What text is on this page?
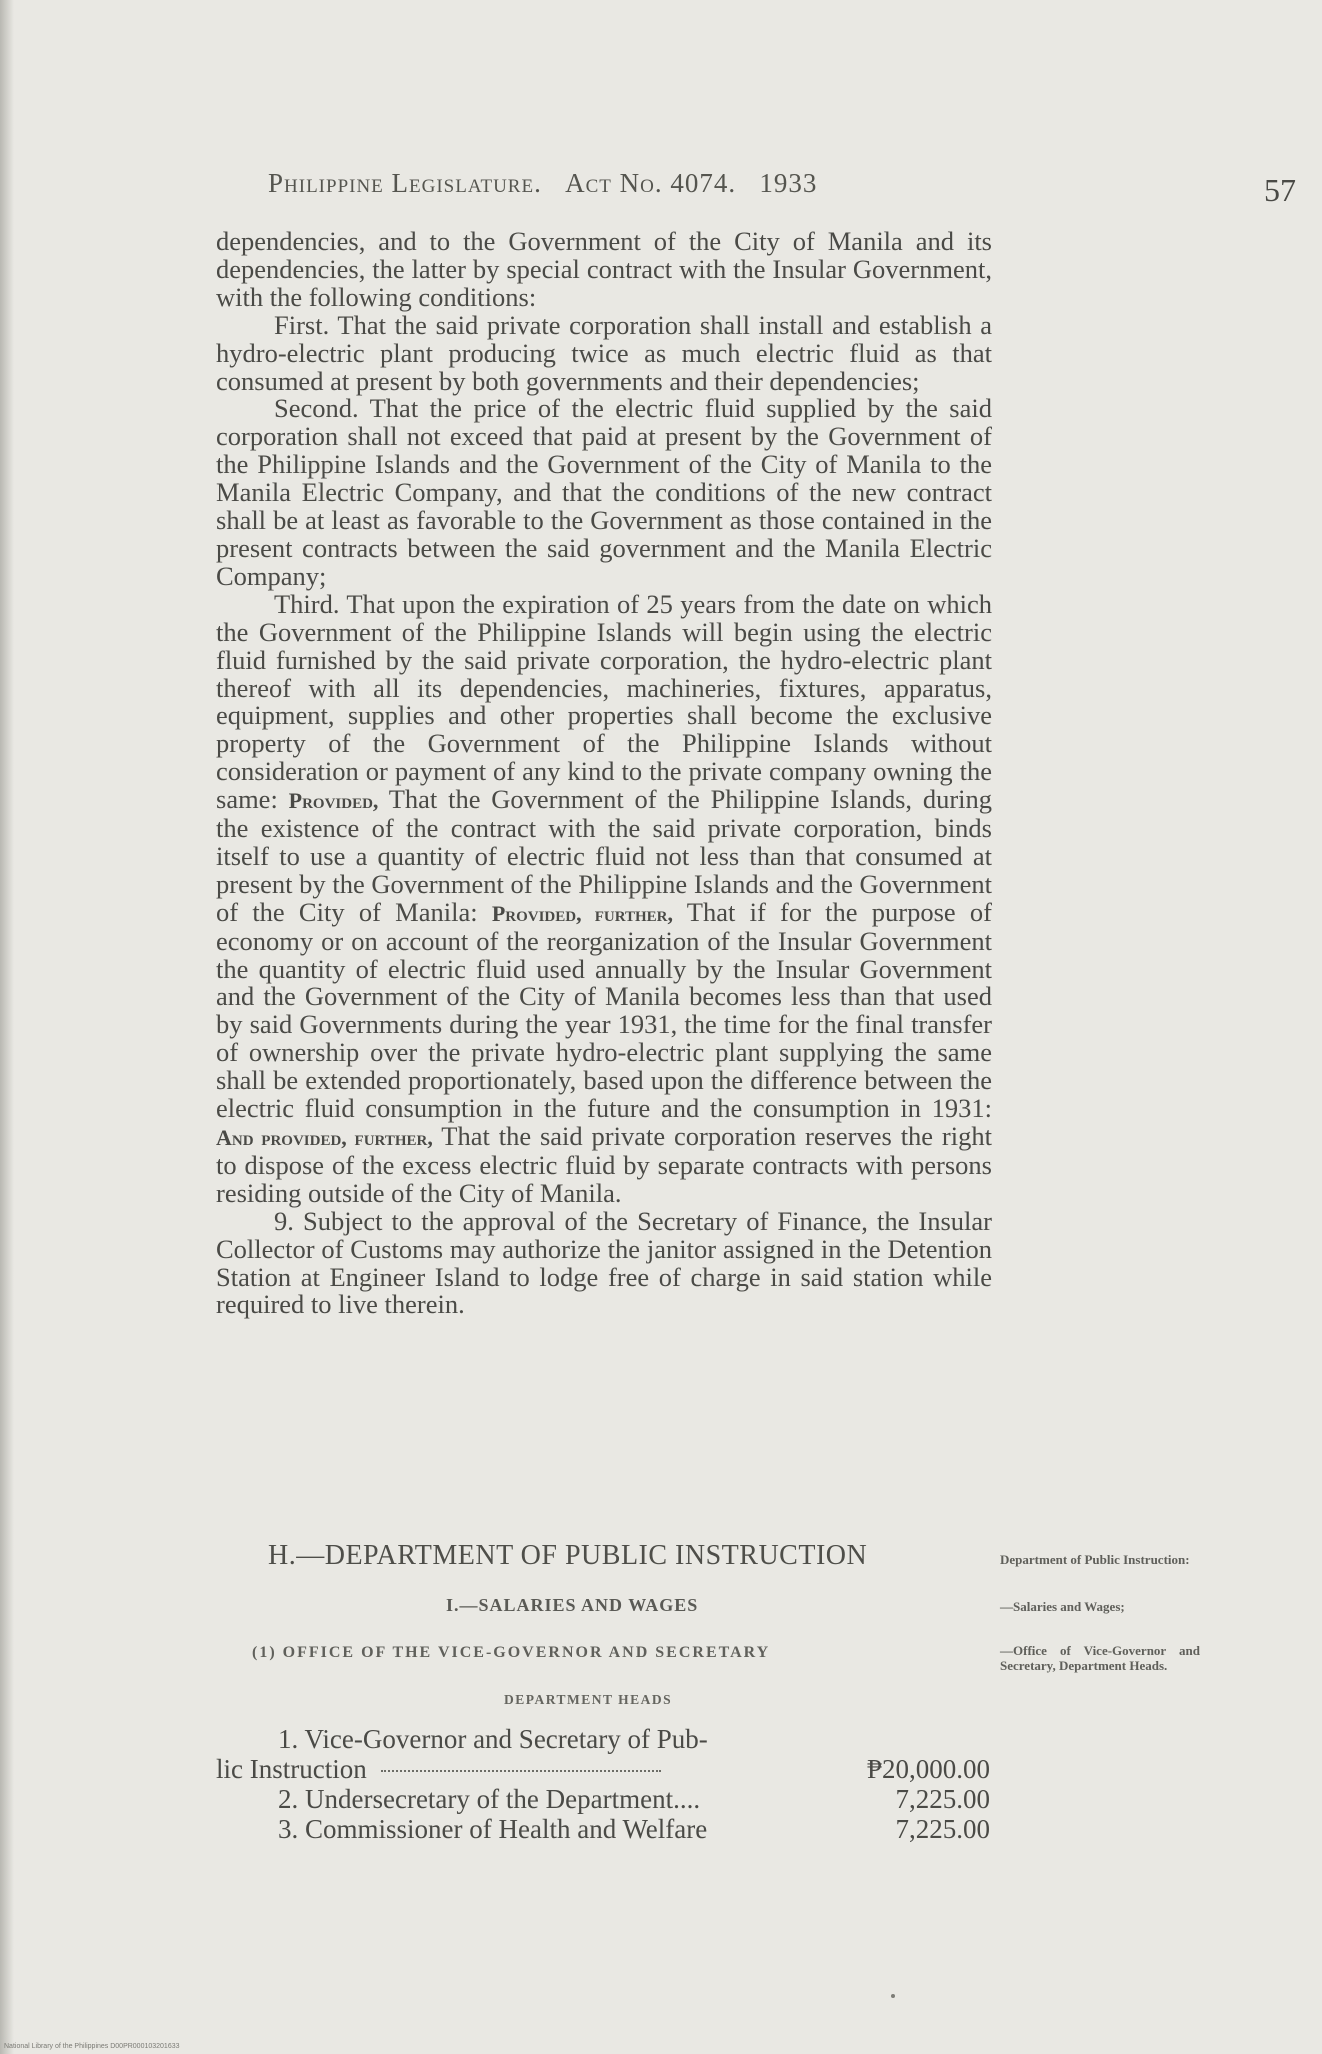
Philippine Legislature. Act No. 4074. 1933	57

dependencies, and to the Government of the City of Manila and its dependencies, the latter by special contract with the Insular Government, with the following conditions:

First. That the said private corporation shall install and establish a hydro-electric plant producing twice as much electric fluid as that consumed at present by both governments and their dependencies;

Second. That the price of the electric fluid supplied by the said corporation shall not exceed that paid at present by the Government of the Philippine Islands and the Government of the City of Manila to the Manila Electric Company, and that the conditions of the new contract shall be at least as favorable to the Government as those contained in the present contracts between the said government and the Manila Electric Company;

Third. That upon the expiration of 25 years from the date on which the Government of the Philippine Islands will begin using the electric fluid furnished by the said private corporation, the hydro-electric plant thereof with all its dependencies, machineries, fixtures, apparatus, equipment, supplies and other properties shall become the exclusive property of the Government of the Philippine Islands without consideration or payment of any kind to the private company owning the same: Provided, That the Government of the Philippine Islands, during the existence of the contract with the said private corporation, binds itself to use a quantity of electric fluid not less than that consumed at present by the Government of the Philippine Islands and the Government of the City of Manila: Provided, further, That if for the purpose of economy or on account of the reorganization of the Insular Government the quantity of electric fluid used annually by the Insular Government and the Government of the City of Manila becomes less than that used by said Governments during the year 1931, the time for the final transfer of ownership over the private hydro-electric plant supplying the same shall be extended proportionately, based upon the difference between the electric fluid consumption in the future and the consumption in 1931: And provided, further, That the said private corporation reserves the right to dispose of the excess electric fluid by separate contracts with persons residing outside of the City of Manila.

9. Subject to the approval of the Secretary of Finance, the Insular Collector of Customs may authorize the janitor assigned in the Detention Station at Engineer Island to lodge free of charge in said station while required to live therein.

H.—DEPARTMENT OF PUBLIC INSTRUCTION
I.—SALARIES AND WAGES
(1) OFFICE OF THE VICE-GOVERNOR AND SECRETARY
DEPARTMENT HEADS
1. Vice-Governor and Secretary of Pub-
lic Instruction	₱20,000.00
2. Undersecretary of the Department....	7,225.00
3. Commissioner of Health and Welfare	7,225.00
Department of Public Instruction:
—Salaries and Wages;
—Office of Vice-Governor and Secretary, Department Heads.
National Library of the Philippines D00PR000103201633
